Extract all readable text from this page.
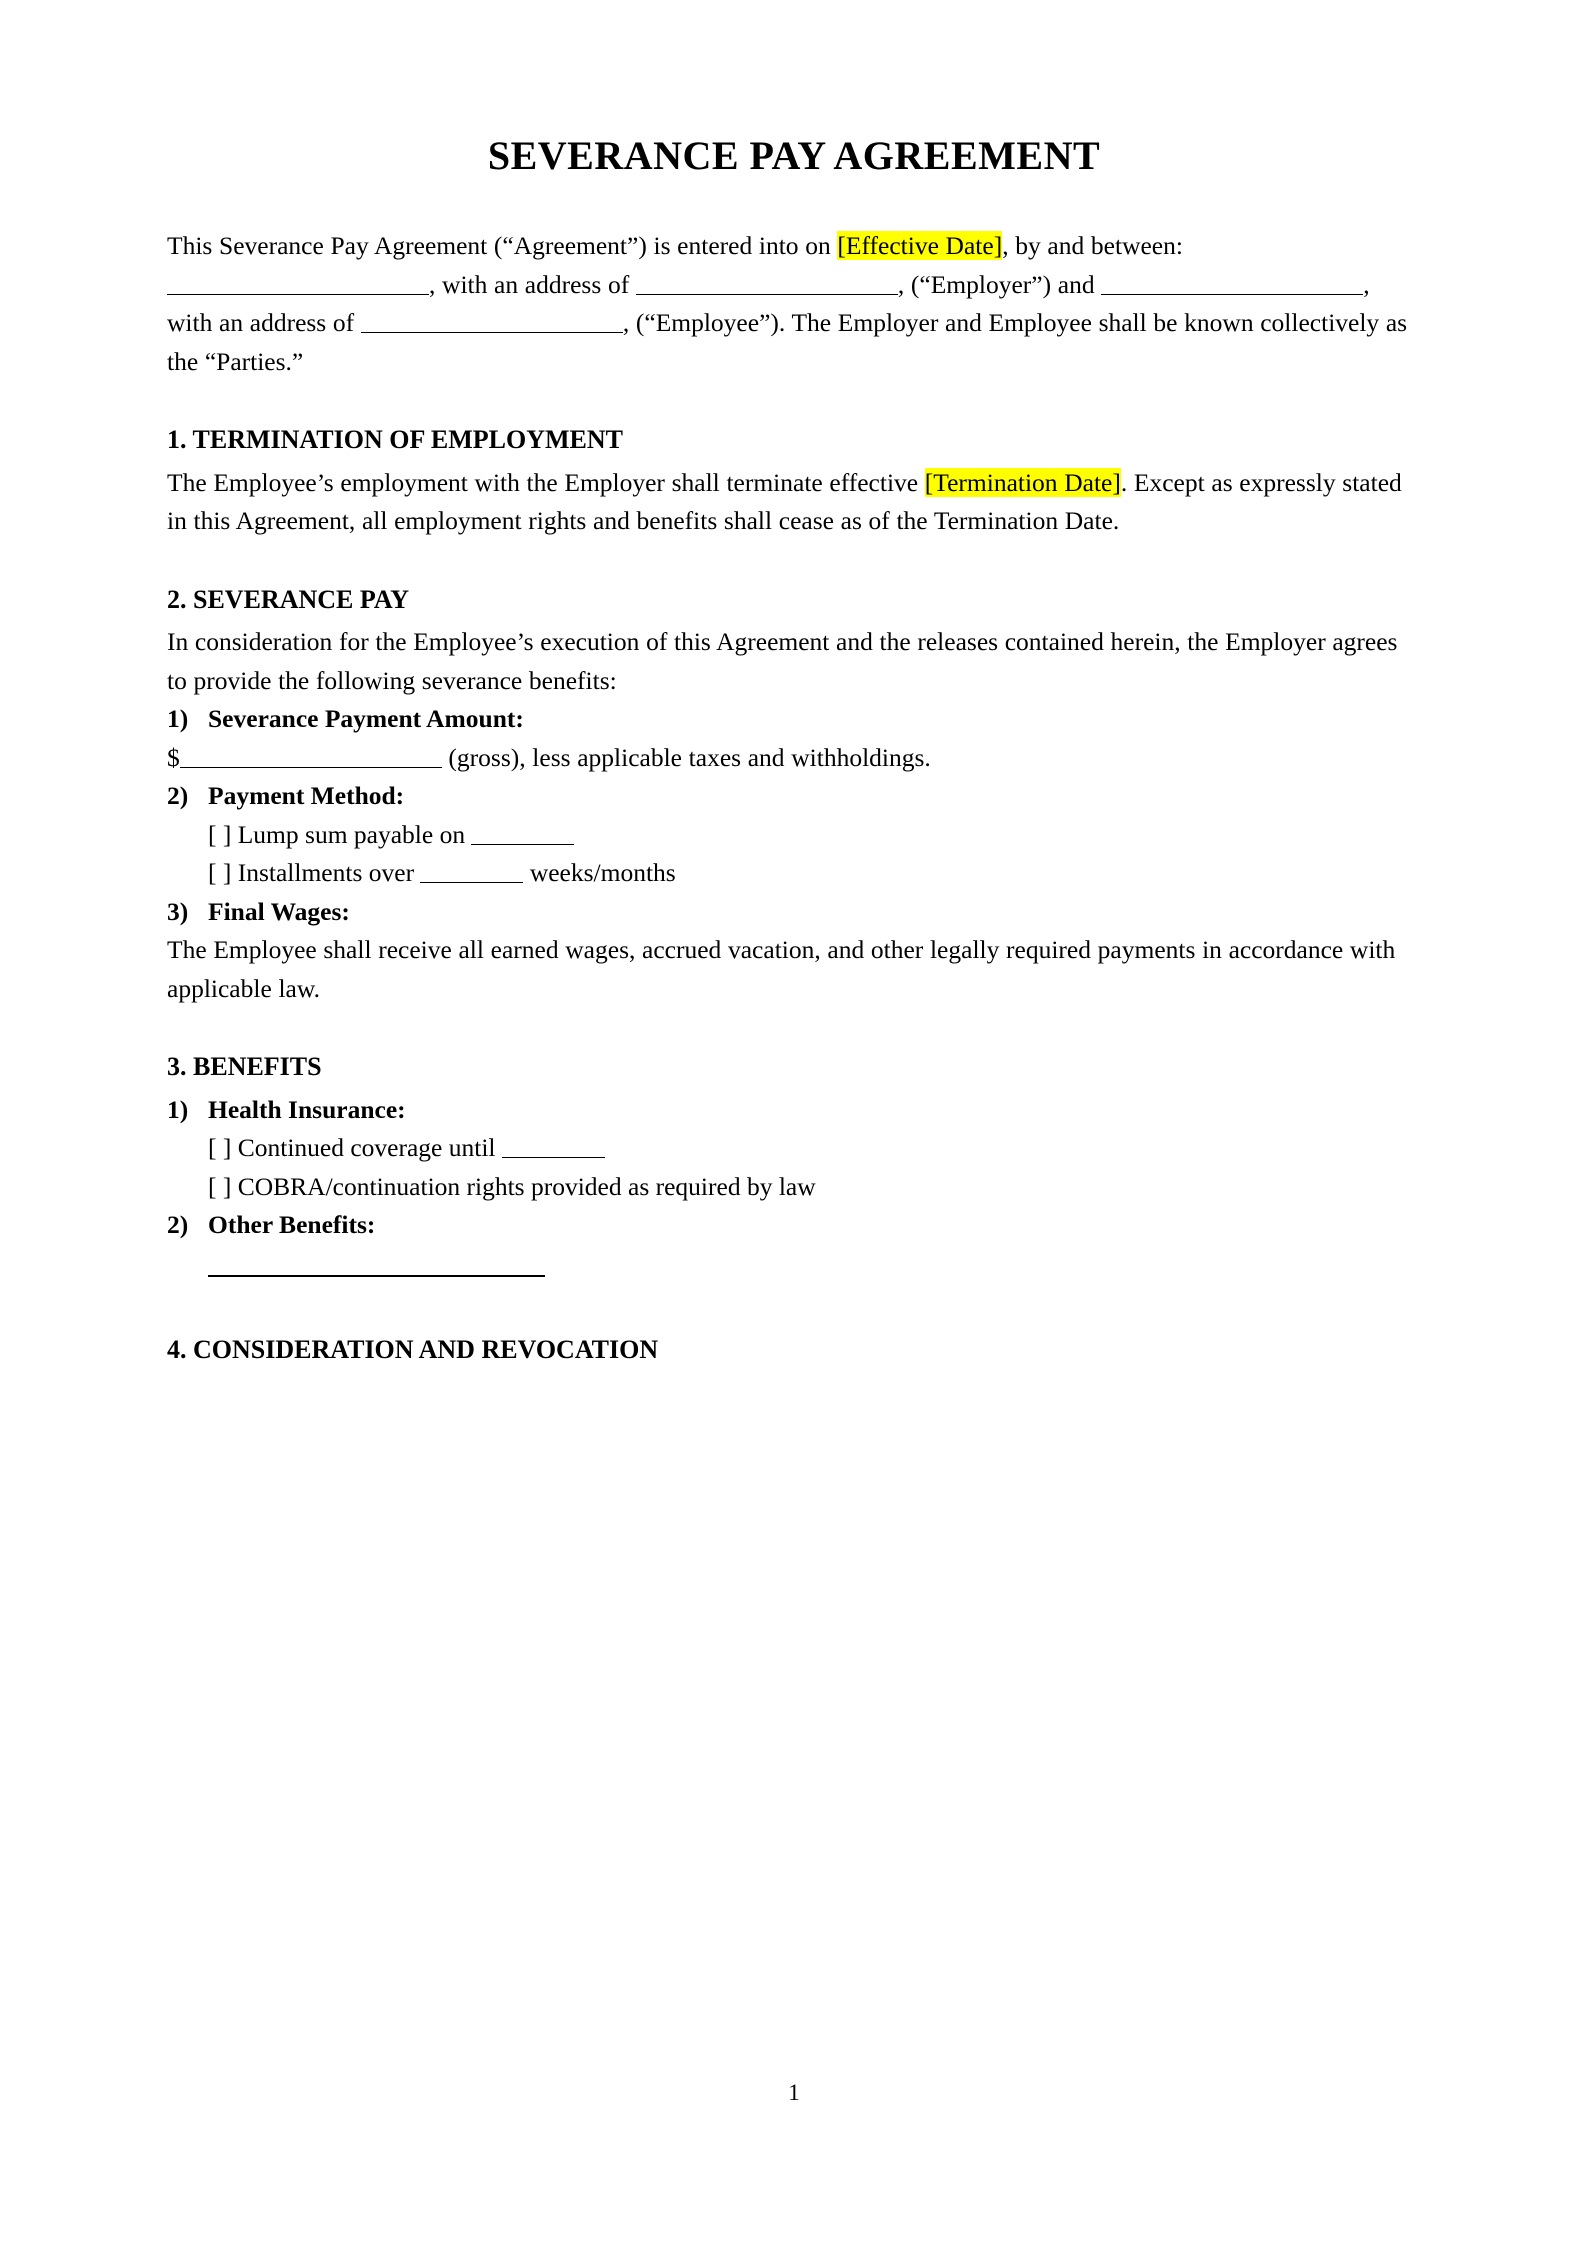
SEVERANCE PAY AGREEMENT

This Severance Pay Agreement (“Agreement”) is entered into on [Effective Date], by and between: , with an address of	, (“Employer”) and	, with an address of	, (“Employee”). The Employer and Employee shall be known collectively as the “Parties.”

1. TERMINATION OF EMPLOYMENT

The Employee’s employment with the Employer shall terminate effective [Termination Date]. Except as expressly stated in this Agreement, all employment rights and benefits shall cease as of the Termination Date.

2. SEVERANCE PAY

In consideration for the Employee’s execution of this Agreement and the releases contained herein, the Employer agrees to provide the following severance benefits:

1) Severance Payment Amount:

$	(gross), less applicable taxes and withholdings.

2) Payment Method:
[ ] Lump sum payable on
[ ] Installments over	weeks/months
3) Final Wages:

The Employee shall receive all earned wages, accrued vacation, and other legally required payments in accordance with applicable law.

3. BENEFITS
1) Health Insurance:
[ ] Continued coverage until
[ ] COBRA/continuation rights provided as required by law
2) Other Benefits:
4. CONSIDERATION AND REVOCATION
1
